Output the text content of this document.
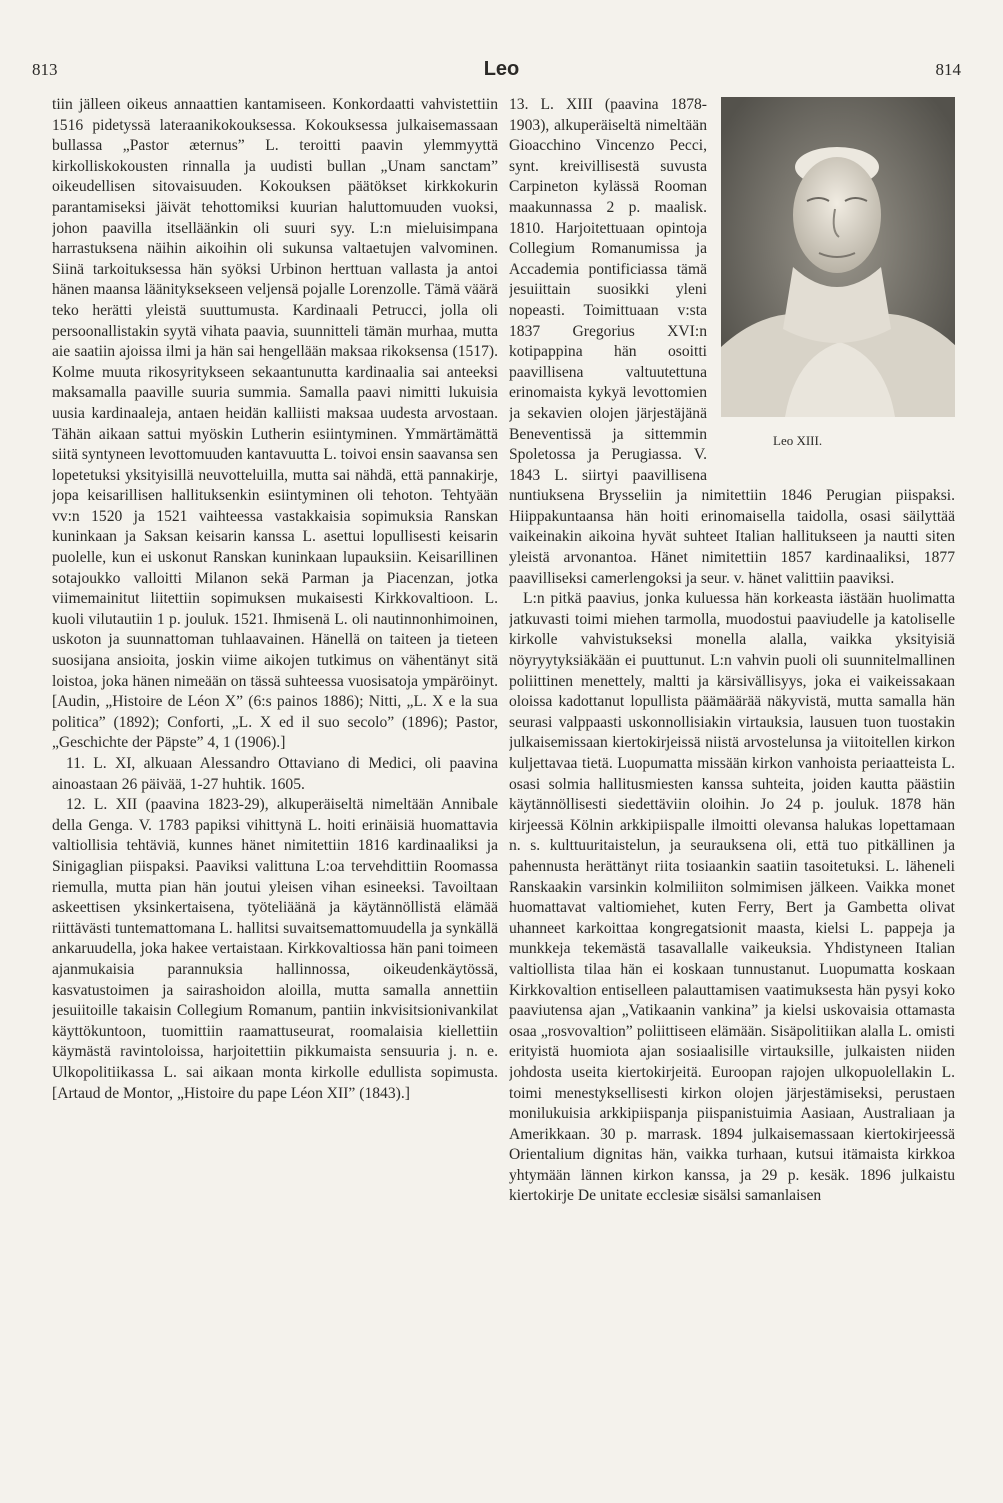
813	Leo	814

tiin jälleen oikeus annaattien kantamiseen. Konkordaatti vahvistettiin 1516 pidetyssä lateraanikokouksessa. Kokouksessa julkaisemassaan bullassa „Pastor æternus” L. teroitti paavin ylemmyyttä kirkolliskokousten rinnalla ja uudisti bullan „Unam sanctam” oikeudellisen sitovaisuuden. Kokouksen päätökset kirkkokurin parantamiseksi jäivät tehottomiksi kuurian haluttomuuden vuoksi, johon paavilla itselläänkin oli suuri syy. L:n mieluisimpana harrastuksena näihin aikoihin oli sukunsa valtaetujen valvominen. Siinä tarkoituksessa hän syöksi Urbinon herttuan vallasta ja antoi hänen maansa läänityksekseen veljensä pojalle Lorenzolle. Tämä väärä teko herätti yleistä suuttumusta. Kardinaali Petrucci, jolla oli persoonallistakin syytä vihata paavia, suunnitteli tämän murhaa, mutta aie saatiin ajoissa ilmi ja hän sai hengellään maksaa rikoksensa (1517). Kolme muuta rikosyritykseen sekaantunutta kardinaalia sai anteeksi maksamalla paaville suuria summia. Samalla paavi nimitti lukuisia uusia kardinaaleja, antaen heidän kalliisti maksaa uudesta arvostaan. Tähän aikaan sattui myöskin Lutherin esiintyminen. Ymmärtämättä siitä syntyneen levottomuuden kantavuutta L. toivoi ensin saavansa sen lopetetuksi yksityisillä neuvotteluilla, mutta sai nähdä, että pannakirje, jopa keisarillisen hallituksenkin esiintyminen oli tehoton. Tehtyään vv:n 1520 ja 1521 vaihteessa vastakkaisia sopimuksia Ranskan kuninkaan ja Saksan keisarin kanssa L. asettui lopullisesti keisarin puolelle, kun ei uskonut Ranskan kuninkaan lupauksiin. Keisarillinen sotajoukko valloitti Milanon sekä Parman ja Piacenzan, jotka viimemainitut liitettiin sopimuksen mukaisesti Kirkkovaltioon. L. kuoli vilutautiin 1 p. jouluk. 1521. Ihmisenä L. oli nautinnonhimoinen, uskoton ja suunnattoman tuhlaavainen. Hänellä on taiteen ja tieteen suosijana ansioita, joskin viime aikojen tutkimus on vähentänyt sitä loistoa, joka hänen nimeään on tässä suhteessa vuosisatoja ympäröinyt. [Audin, „Histoire de Léon X” (6:s painos 1886); Nitti, „L. X e la sua politica” (1892); Conforti, „L. X ed il suo secolo” (1896); Pastor, „Geschichte der Päpste” 4, 1 (1906).]

11. L. XI, alkuaan Alessandro Ottaviano di Medici, oli paavina ainoastaan 26 päivää, 1-27 huhtik. 1605.

12. L. XII (paavina 1823-29), alkuperäiseltä nimeltään Annibale della Genga. V. 1783 papiksi vihittynä L. hoiti erinäisiä huomattavia valtiollisia tehtäviä, kunnes hänet nimitettiin 1816 kardinaaliksi ja Sinigaglian piispaksi. Paaviksi valittuna L:oa tervehdittiin Roomassa riemulla, mutta pian hän joutui yleisen vihan esineeksi. Tavoiltaan askeettisen yksinkertaisena, työteliäänä ja käytännöllistä elämää riittävästi tuntemattomana L. hallitsi suvaitsemattomuudella ja synkällä ankaruudella, joka hakee vertaistaan. Kirkkovaltiossa hän pani toimeen ajanmukaisia parannuksia hallinnossa, oikeudenkäytössä, kasvatustoimen ja sairashoidon aloilla, mutta samalla annettiin jesuiitoille takaisin Collegium Romanum, pantiin inkvisitsionivankilat käyttökuntoon, tuomittiin raamattuseurat, roomalaisia kiellettiin käymästä ravintoloissa, harjoitettiin pikkumaista sensuuria j. n. e. Ulkopolitiikassa L. sai aikaan monta kirkolle edullista sopimusta. [Artaud de Montor, „Histoire du pape Léon XII” (1843).]

Leo XIII.

13. L. XIII (paavina 1878-1903), alkuperäiseltä nimeltään Gioacchino Vincenzo Pecci, synt. kreivillisestä suvusta Carpineton kylässä Rooman maakunnassa 2 p. maalisk. 1810. Harjoitettuaan opintoja Collegium Romanumissa ja Accademia pontificiassa tämä jesuiittain suosikki yleni nopeasti. Toimittuaan v:sta 1837 Gregorius XVI:n kotipappina hän osoitti paavillisena valtuutettuna erinomaista kykyä levottomien ja sekavien olojen järjestäjänä Beneventissä ja sittemmin Spoletossa ja Perugiassa. V. 1843 L. siirtyi paavillisena nuntiuksena Brysseliin ja nimitettiin 1846 Perugian piispaksi. Hiippakuntaansa hän hoiti erinomaisella taidolla, osasi säilyttää vaikeinakin aikoina hyvät suhteet Italian hallitukseen ja nautti siten yleistä arvonantoa. Hänet nimitettiin 1857 kardinaaliksi, 1877 paavilliseksi camerlengoksi ja seur. v. hänet valittiin paaviksi.

L:n pitkä paavius, jonka kuluessa hän korkeasta iästään huolimatta jatkuvasti toimi miehen tarmolla, muodostui paaviudelle ja katoliselle kirkolle vahvistukseksi monella alalla, vaikka yksityisiä nöyryytyksiäkään ei puuttunut. L:n vahvin puoli oli suunnitelmallinen poliittinen menettely, maltti ja kärsivällisyys, joka ei vaikeissakaan oloissa kadottanut lopullista päämäärää näkyvistä, mutta samalla hän seurasi valppaasti uskonnollisiakin virtauksia, lausuen tuon tuostakin julkaisemissaan kiertokirjeissä niistä arvostelunsa ja viitoitellen kirkon kuljettavaa tietä. Luopumatta missään kirkon vanhoista periaatteista L. osasi solmia hallitusmiesten kanssa suhteita, joiden kautta päästiin käytännöllisesti siedettäviin oloihin. Jo 24 p. jouluk. 1878 hän kirjeessä Kölnin arkkipiispalle ilmoitti olevansa halukas lopettamaan n. s. kulttuuritaistelun, ja seurauksena oli, että tuo pitkällinen ja pahennusta herättänyt riita tosiaankin saatiin tasoitetuksi. L. läheneli Ranskaakin varsinkin kolmiliiton solmimisen jälkeen. Vaikka monet huomattavat valtiomiehet, kuten Ferry, Bert ja Gambetta olivat uhanneet karkoittaa kongregatsionit maasta, kielsi L. pappeja ja munkkeja tekemästä tasavallalle vaikeuksia. Yhdistyneen Italian valtiollista tilaa hän ei koskaan tunnustanut. Luopumatta koskaan Kirkkovaltion entiselleen palauttamisen vaatimuksesta hän pysyi koko paaviutensa ajan „Vatikaanin vankina” ja kielsi uskovaisia ottamasta osaa „rosvovaltion” poliittiseen elämään. Sisäpolitiikan alalla L. omisti erityistä huomiota ajan sosiaalisille virtauksille, julkaisten niiden johdosta useita kiertokirjeitä. Euroopan rajojen ulkopuolellakin L. toimi menestyksellisesti kirkon olojen järjestämiseksi, perustaen monilukuisia arkkipiispanja piispanistuimia Aasiaan, Australiaan ja Amerikkaan. 30 p. marrask. 1894 julkaisemassaan kiertokirjeessä Orientalium dignitas hän, vaikka turhaan, kutsui itämaista kirkkoa yhtymään lännen kirkon kanssa, ja 29 p. kesäk. 1896 julkaistu kiertokirje De unitate ecclesiæ sisälsi samanlaisen
